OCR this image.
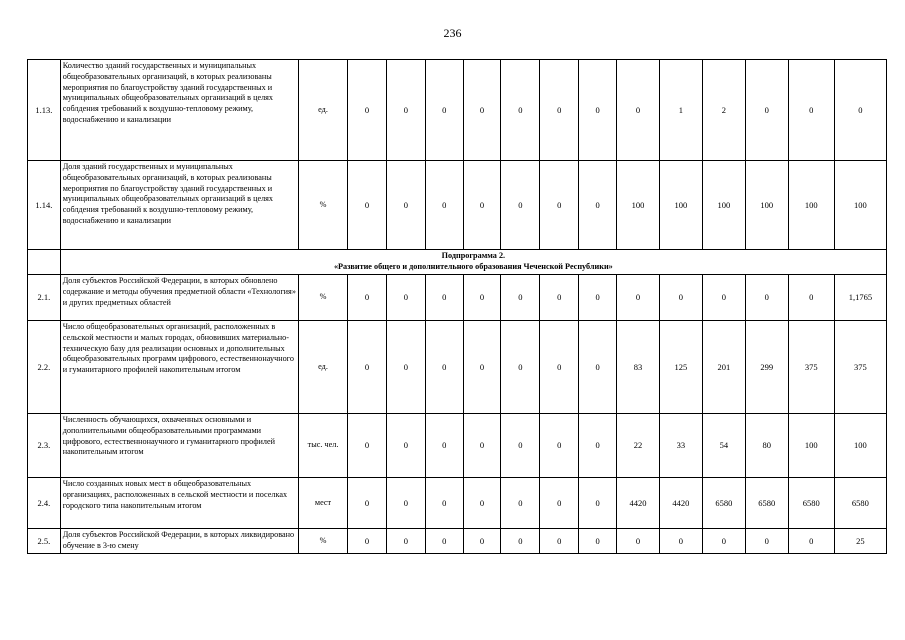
236
1.13.	Количество зданий государственных и муниципальных общеобразовательных организаций, в которых реализованы мероприятия по благоустройству зданий государственных и муниципальных общеобразовательных организаций в целях соблдения требований к воздушно-тепловому режиму, водоснабжению и канализации	ед.	0	0	0	0	0	0	0	0	1	2	0	0	0
1.14.	Доля зданий государственных и муниципальных общеобразовательных организаций, в которых реализованы мероприятия по благоустройству зданий государственных и муниципальных общеобразовательных организаций в целях соблдения требований к воздушно-тепловому режиму, водоснабжению и канализации	%	0	0	0	0	0	0	0	100	100	100	100	100	100

	Подпрограмма 2.
«Развитие общего и дополнительного образования Чеченской Республики»														

2.1.	Доля субъектов Российской Федерации, в которых обновлено содержание и методы обучения предметной области «Технология» и других предметных областей	%	0	0	0	0	0	0	0	0	0	0	0	0	1,1765
2.2.	Число общеобразовательных организаций, расположенных в сельской местности и малых городах, обновивших материально-техническую базу для реализации основных и дополнительных общеобразовательных программ цифрового, естественнонаучного и гуманитарного профилей накопительным итогом	ед.	0	0	0	0	0	0	0	83	125	201	299	375	375
2.3.	Численность обучающихся, охваченных основными и дополнительными общеобразовательными программами цифрового, естественнонаучного и гуманитарного профилей накопительным итогом	тыс. чел.	0	0	0	0	0	0	0	22	33	54	80	100	100
2.4.	Число созданных новых мест в общеобразовательных организациях, расположенных в сельской местности и поселках городского типа накопительным итогом	мест	0	0	0	0	0	0	0	4420	4420	6580	6580	6580	6580
2.5.	Доля субъектов Российской Федерации, в которых ликвидировано обучение в 3-ю смену	%	0	0	0	0	0	0	0	0	0	0	0	0	25
